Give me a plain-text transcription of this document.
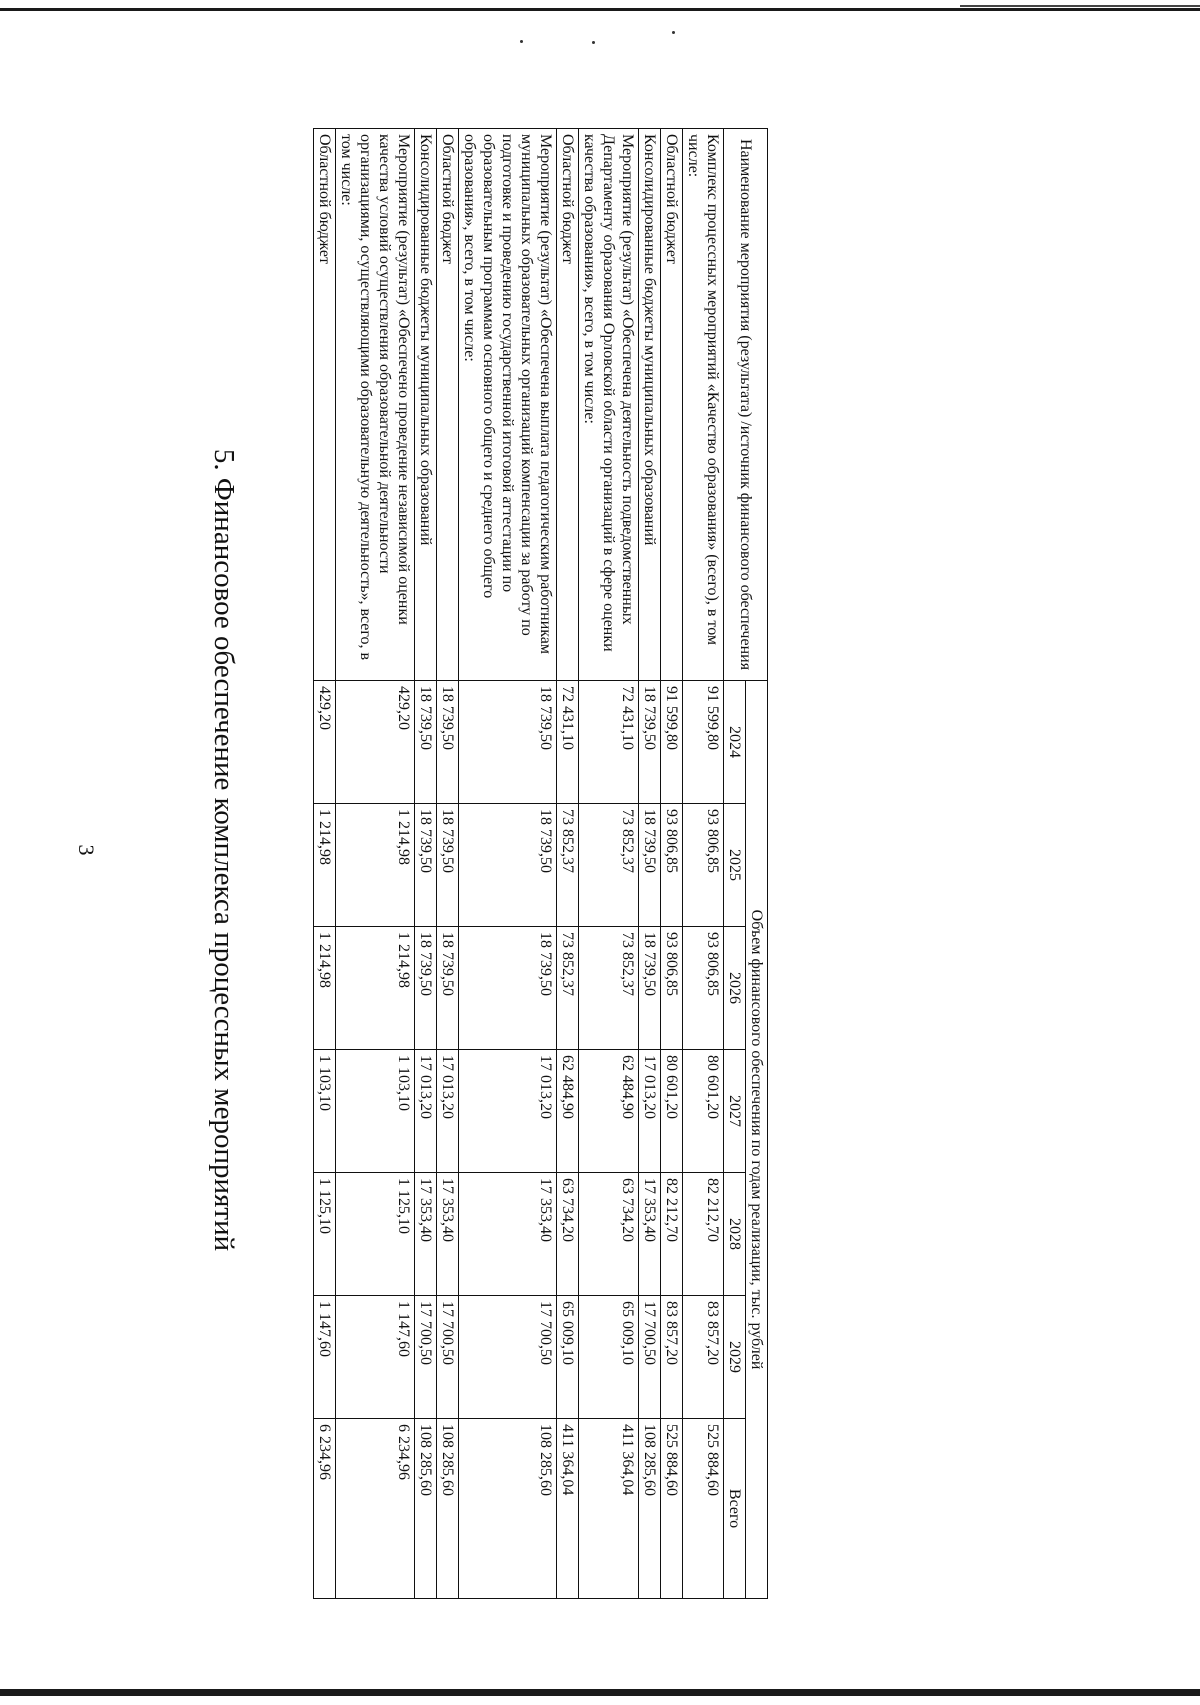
3	5. Финансовое обеспечение комплекса процессных мероприятий
Наименование мероприятия (результата) /источник финансового обеспечения	Объем финансового обеспечения по годам реализации, тыс. рублей						
	2024	2025	2026	2027	2028	2029	Всего
Комплекс процессных мероприятий «Качество образования» (всего), в том числе:	91 599,80	93 806,85	93 806,85	80 601,20	82 212,70	83 857,20	525 884,60
Областной бюджет	91 599,80	93 806,85	93 806,85	80 601,20	82 212,70	83 857,20	525 884,60
Консолидированные бюджеты муниципальных образований	18 739,50	18 739,50	18 739,50	17 013,20	17 353,40	17 700,50	108 285,60
Мероприятие (результат) «Обеспечена деятельность подведомственных Департаменту образования Орловской области организаций в сфере оценки качества образования», всего, в том числе:	72 431,10	73 852,37	73 852,37	62 484,90	63 734,20	65 009,10	411 364,04
Областной бюджет	72 431,10	73 852,37	73 852,37	62 484,90	63 734,20	65 009,10	411 364,04
Мероприятие (результат) «Обеспечена выплата педагогическим работникам муниципальных образовательных организаций компенсации за работу по подготовке и проведению государственной итоговой аттестации по образовательным программам основного общего и среднего общего образования», всего, в том числе:	18 739,50	18 739,50	18 739,50	17 013,20	17 353,40	17 700,50	108 285,60
Областной бюджет	18 739,50	18 739,50	18 739,50	17 013,20	17 353,40	17 700,50	108 285,60
Консолидированные бюджеты муниципальных образований	18 739,50	18 739,50	18 739,50	17 013,20	17 353,40	17 700,50	108 285,60
Мероприятие (результат) «Обеспечено проведение независимой оценки качества условий осуществления образовательной деятельности организациями, осуществляющими образовательную деятельность», всего, в том числе:	429,20	1 214,98	1 214,98	1 103,10	1 125,10	1 147,60	6 234,96
Областной бюджет	429,20	1 214,98	1 214,98	1 103,10	1 125,10	1 147,60	6 234,96
